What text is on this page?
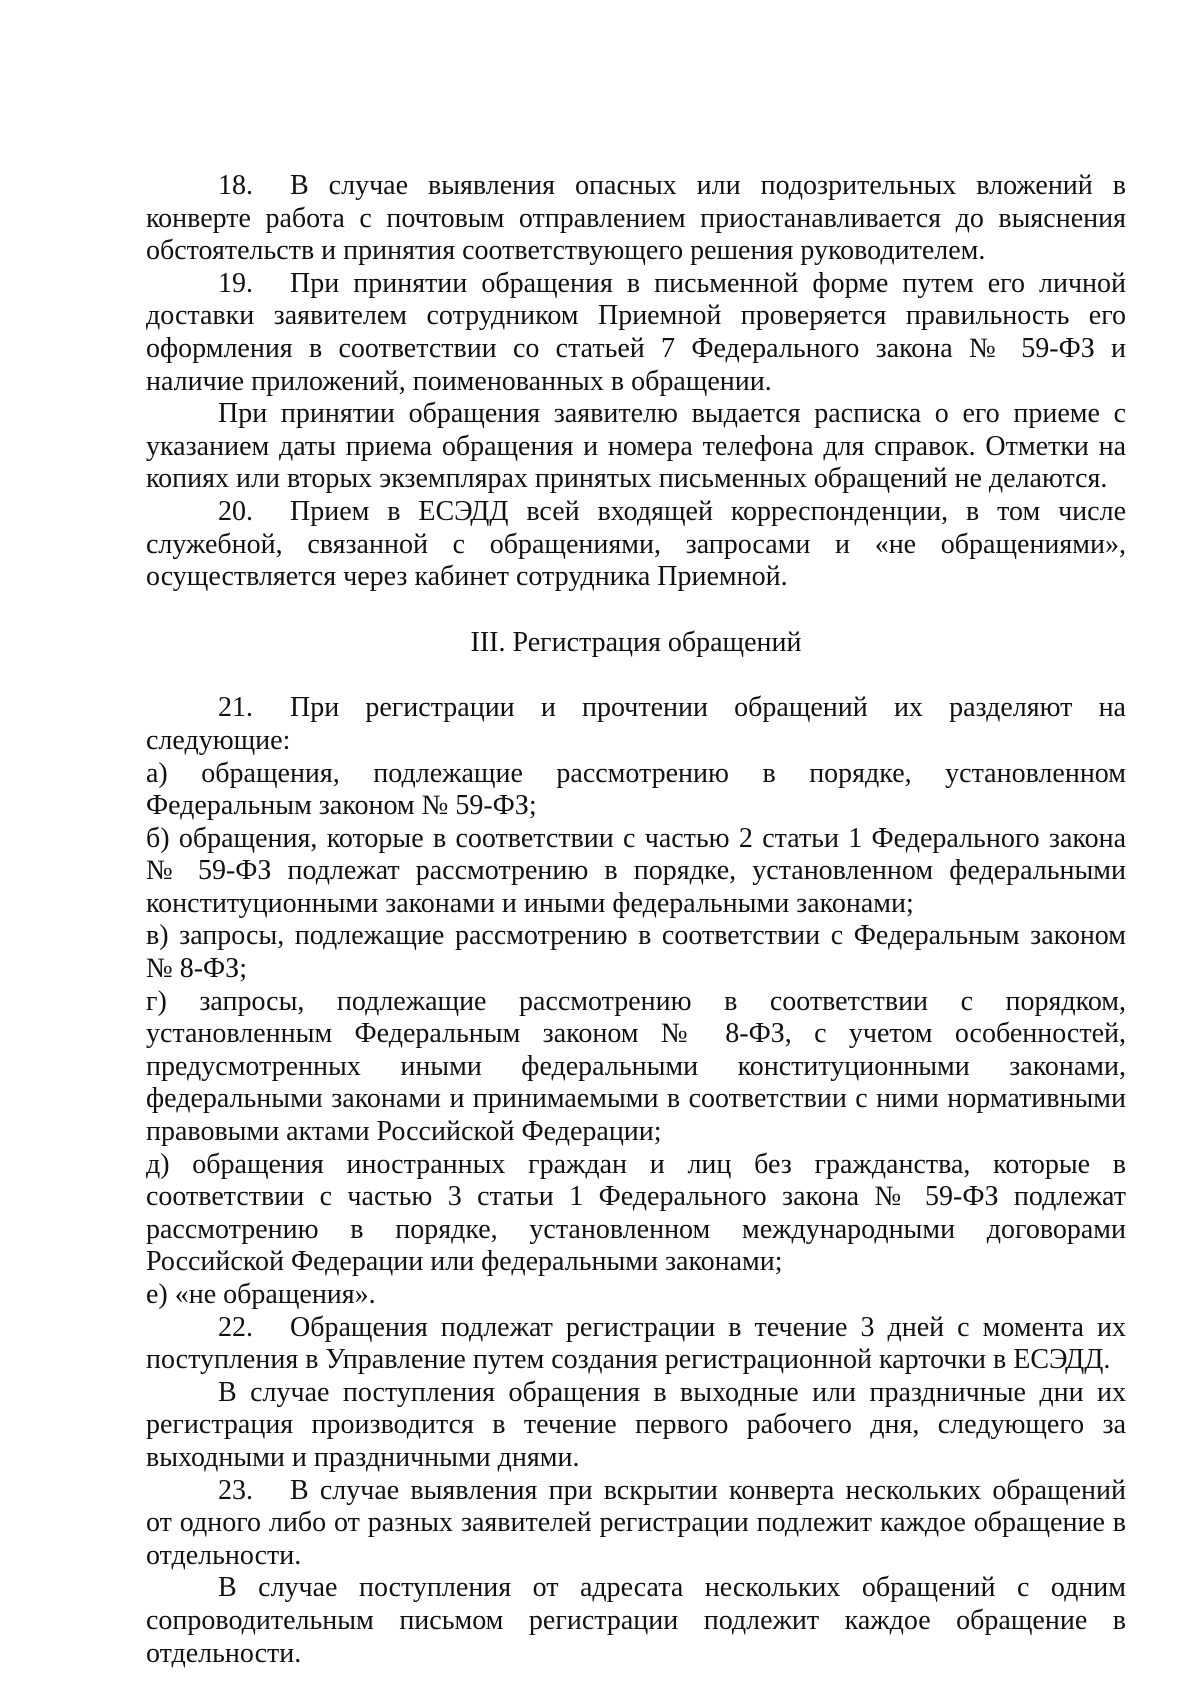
18. В случае выявления опасных или подозрительных вложений в конверте работа с почтовым отправлением приостанавливается до выяснения обстоятельств и принятия соответствующего решения руководителем.

19. При принятии обращения в письменной форме путем его личной доставки заявителем сотрудником Приемной проверяется правильность его оформления в соответствии со статьей 7 Федерального закона № 59-ФЗ и наличие приложений, поименованных в обращении.

При принятии обращения заявителю выдается расписка о его приеме с указанием даты приема обращения и номера телефона для справок. Отметки на копиях или вторых экземплярах принятых письменных обращений не делаются.

20. Прием в ЕСЭДД всей входящей корреспонденции, в том числе служебной, связанной с обращениями, запросами и «не обращениями», осуществляется через кабинет сотрудника Приемной.

III. Регистрация обращений

21. При регистрации и прочтении обращений их разделяют на следующие:

а) обращения, подлежащие рассмотрению в порядке, установленном Федеральным законом № 59-ФЗ;

б) обращения, которые в соответствии с частью 2 статьи 1 Федерального закона № 59-ФЗ подлежат рассмотрению в порядке, установленном федеральными конституционными законами и иными федеральными законами;

в) запросы, подлежащие рассмотрению в соответствии с Федеральным законом № 8-ФЗ;

г) запросы, подлежащие рассмотрению в соответствии с порядком, установленным Федеральным законом № 8-ФЗ, с учетом особенностей, предусмотренных иными федеральными конституционными законами, федеральными законами и принимаемыми в соответствии с ними нормативными правовыми актами Российской Федерации;

д) обращения иностранных граждан и лиц без гражданства, которые в соответствии с частью 3 статьи 1 Федерального закона № 59-ФЗ подлежат рассмотрению в порядке, установленном международными договорами Российской Федерации или федеральными законами;

е) «не обращения».

22. Обращения подлежат регистрации в течение 3 дней с момента их поступления в Управление путем создания регистрационной карточки в ЕСЭДД.

В случае поступления обращения в выходные или праздничные дни их регистрация производится в течение первого рабочего дня, следующего за выходными и праздничными днями.

23. В случае выявления при вскрытии конверта нескольких обращений от одного либо от разных заявителей регистрации подлежит каждое обращение в отдельности.

В случае поступления от адресата нескольких обращений с одним сопроводительным письмом регистрации подлежит каждое обращение в отдельности.
